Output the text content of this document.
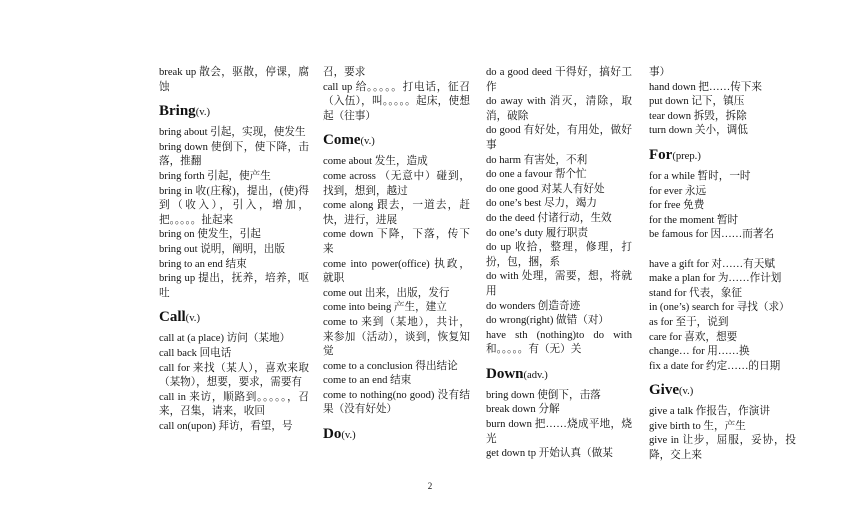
break up 散会，驱散，停课，腐蚀
Bring(v.)
bring about 引起，实现，使发生
bring down 使倒下，使下降，击落，推翻
bring forth 引起，使产生
bring in 收(庄稼)，提出，(使)得到（收入），引入，增加，把。。。。。扯起来
bring on 使发生，引起
bring out 说明，阐明，出版
bring to an end 结束
bring up 提出，抚养，培养，呕吐
Call(v.)
call at (a place) 访问（某地）
call back 回电话
call for 来找（某人），喜欢来取（某物），想要，要求，需要有
call in 来访，顺路到。。。。。，召来，召集，请来，收回
call on(upon) 拜访，看望，号
召，要求
call up 给。。。。。打电话，征召（入伍），叫。。。。。起床，使想起（往事）
Come(v.)
come about 发生，造成
come across （无意中）碰到，找到，想到，越过
come along 跟去，一道去，赶快，进行，进展
come down 下降，下落，传下来
come into power(office) 执政，就职
come out 出来，出版，发行
come into being 产生，建立
come to 来到（某地），共计，来参加（活动），谈到，恢复知觉
come to a conclusion 得出结论
come to an end 结束
come to nothing(no good) 没有结果（没有好处）
Do(v.)
do a good deed 干得好，搞好工作
do away with 消灭，清除，取消，破除
do good 有好处，有用处，做好事
do harm 有害处，不利
do one a favour 帮个忙
do one good 对某人有好处
do one’s best 尽力，竭力
do the deed 付诸行动，生效
do one’s duty 履行职责
do up 收拾，整理，修理，打扮，包，捆，系
do with 处理，需要，想，将就用
do wonders 创造奇迹
do wrong(right) 做错（对）
have sth (nothing)to do with 和。。。。。有（无）关
Down(adv.)
bring down 使倒下，击落
break down 分解
burn down 把……烧成平地，烧光
get down tp 开始认真（做某
事）
hand down 把……传下来
put down 记下，镇压
tear down 拆毁，拆除
turn down 关小，调低
For(prep.)
for a while 暂时，一时
for ever 永远
for free 免费
for the moment 暂时
be famous for 因……而著名
have a gift for 对……有天赋
make a plan for 为……作计划
stand for 代表，象征
in (one’s) search for 寻找（求）
as for 至于，说到
care for 喜欢，想要
change… for 用……换
fix a date for 约定……的日期
Give(v.)
give a talk 作报告，作演讲
give birth to 生，产生
give in 让步，屈服，妥协，投降，交上来
2
